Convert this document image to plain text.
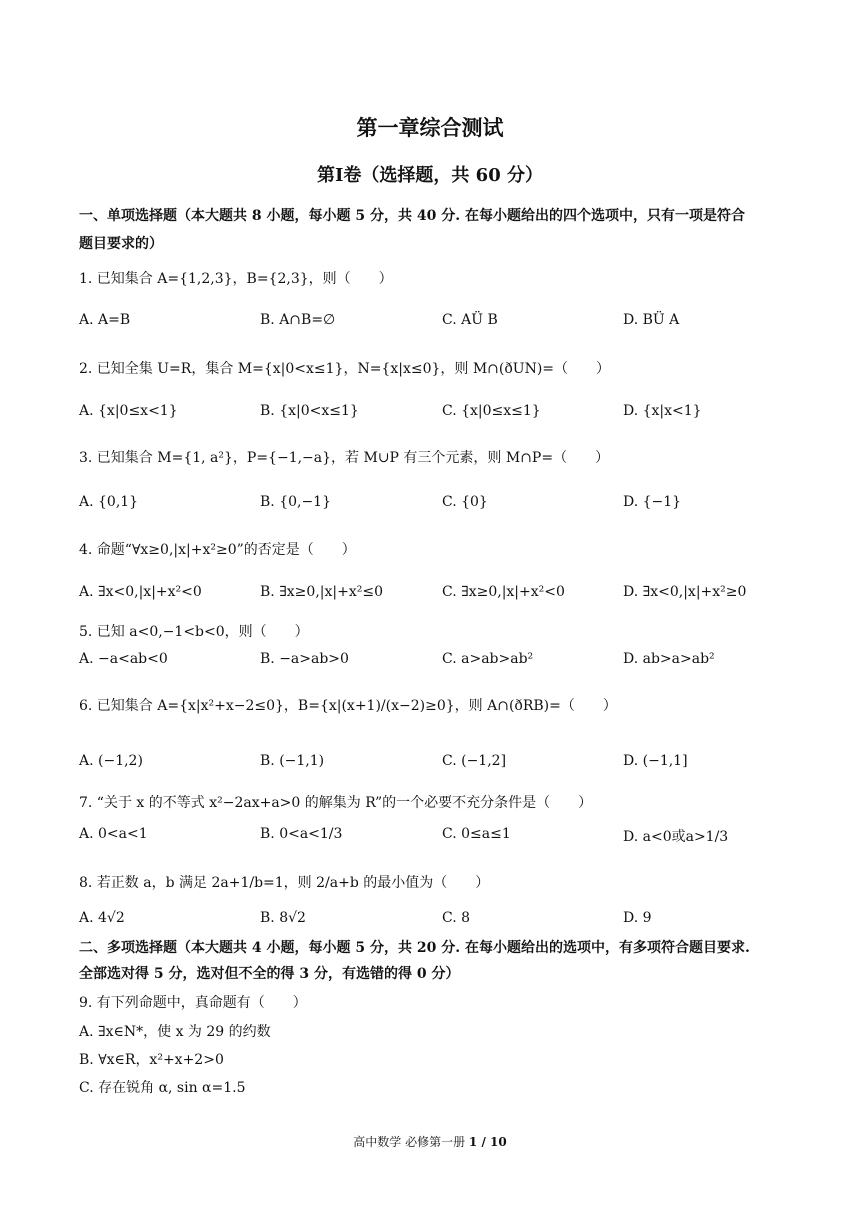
第一章综合测试
第Ⅰ卷（选择题，共 60 分）
一、单项选择题（本大题共 8 小题，每小题 5 分，共 40 分. 在每小题给出的四个选项中，只有一项是符合
题目要求的）
1. 已知集合 A={1,2,3}，B={2,3}，则（　　）
A. A=B	B. A∩B=∅	C. AÜ B	D. BÜ A
2. 已知全集 U=R，集合 M={x|0<x≤1}，N={x|x≤0}，则 M∩(ðUN)=（　　）
A. {x|0≤x<1}	B. {x|0<x≤1}	C. {x|0≤x≤1}	D. {x|x<1}
3. 已知集合 M={1, a²}，P={−1,−a}，若 M∪P 有三个元素，则 M∩P=（　　）
A. {0,1}	B. {0,−1}	C. {0}	D. {−1}
4. 命题“∀x≥0,|x|+x²≥0”的否定是（　　）
A. ∃x<0,|x|+x²<0	B. ∃x≥0,|x|+x²≤0	C. ∃x≥0,|x|+x²<0	D. ∃x<0,|x|+x²≥0
5. 已知 a<0,−1<b<0，则（　　）
A. −a<ab<0	B. −a>ab>0	C. a>ab>ab²	D. ab>a>ab²
6. 已知集合 A={x|x²+x−2≤0}，B={x|(x+1)/(x−2)≥0}，则 A∩(ðRB)=（　　）
A. (−1,2)	B. (−1,1)	C. (−1,2]	D. (−1,1]
7. “关于 x 的不等式 x²−2ax+a>0 的解集为 R”的一个必要不充分条件是（　　）
A. 0<a<1	B. 0<a<1/3	C. 0≤a≤1	D. a<0或a>1/3
8. 若正数 a，b 满足 2a+1/b=1，则 2/a+b 的最小值为（　　）
A. 4√2	B. 8√2	C. 8	D. 9
二、多项选择题（本大题共 4 小题，每小题 5 分，共 20 分. 在每小题给出的选项中，有多项符合题目要求.
全部选对得 5 分，选对但不全的得 3 分，有选错的得 0 分）
9. 有下列命题中，真命题有（　　）
A. ∃x∈N*，使 x 为 29 的约数
B. ∀x∈R，x²+x+2>0
C. 存在锐角 α, sin α=1.5
高中数学 必修第一册 1 / 10
